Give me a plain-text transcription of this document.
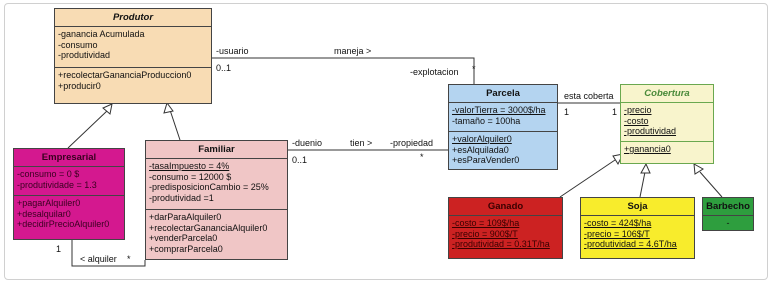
-usuario
0..1
maneja >
-explotacion *
-duenio
0..1
tien > -propiedad
*
esta coberta
1	1
1
< alquiler *
Produtor
-ganancia Acumulada
-consumo
-produtividad
+recolectarGananciaProduccion0
+producir0
Empresarial
-consumo = 0 $
-produtividade = 1.3
+pagarAlquiler0
+desalquilar0
+decidirPrecioAlquiler0
Familiar
-tasaImpuesto = 4%
-consumo = 12000 $
-predisposicionCambio = 25%
-produtividad =1
+darParaAlquiler0
+recolectarGananciaAlquiler0
+venderParcela0
+comprarParcela0
Parcela
-valorTierra = 3000$/ha
-tamaño = 100ha
+valorAlquiler0
+esAlquilada0
+esParaVender0
Cobertura
-precio
-costo
-produtividad
+ganancia0
Ganado
-costo = 109$/ha
-precio = 900$/T
-produtividad = 0.31T/ha
Soja
-costo = 424$/ha
-precio = 106$/T
-produtividad = 4.6T/ha
Barbecho
-
